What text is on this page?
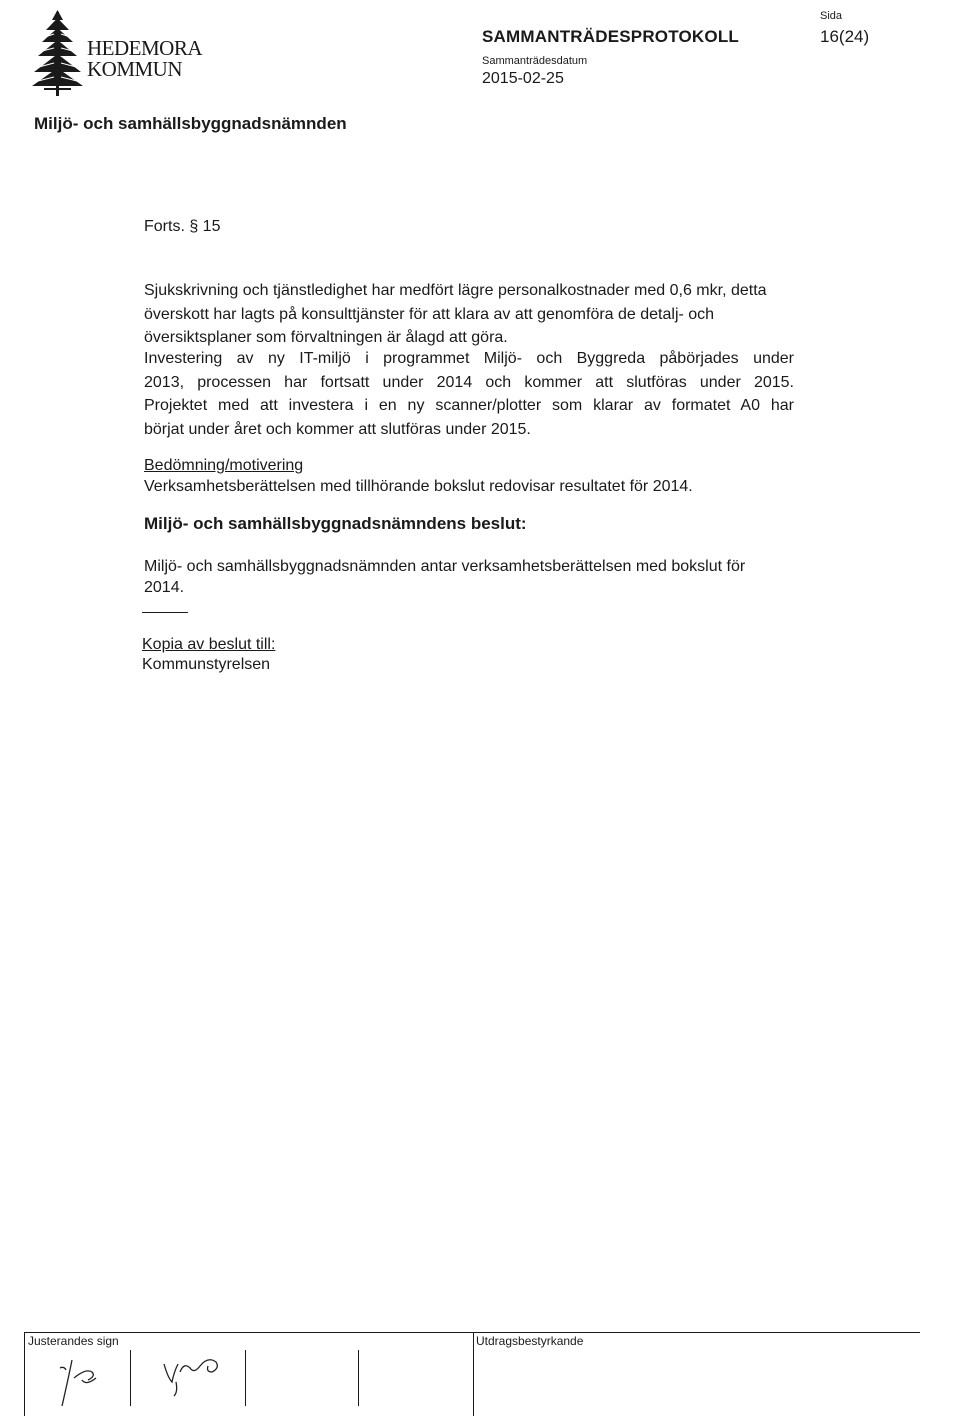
HEDEMORA
KOMMUN
SAMMANTRÄDESPROTOKOLL
Sammanträdesdatum
2015-02-25
Sida
16(24)
Miljö- och samhällsbyggnadsnämnden
Forts. § 15
Sjukskrivning och tjänstledighet har medfört lägre personalkostnader med 0,6 mkr, detta överskott har lagts på konsulttjänster för att klara av att genomföra de detalj- och översiktsplaner som förvaltningen är ålagd att göra.
Investering av ny IT-miljö i programmet Miljö- och Byggreda påbörjades under
2013, processen har fortsatt under 2014 och kommer att slutföras under 2015.
Projektet med att investera i en ny scanner/plotter som klarar av formatet A0 har
börjat under året och kommer att slutföras under 2015.
Bedömning/motivering
Verksamhetsberättelsen med tillhörande bokslut redovisar resultatet för 2014.
Miljö- och samhällsbyggnadsnämndens beslut:
Miljö- och samhällsbyggnadsnämnden antar verksamhetsberättelsen med bokslut för 2014.
Kopia av beslut till:
Kommunstyrelsen
Justerandes sign	Utdragsbestyrkande
